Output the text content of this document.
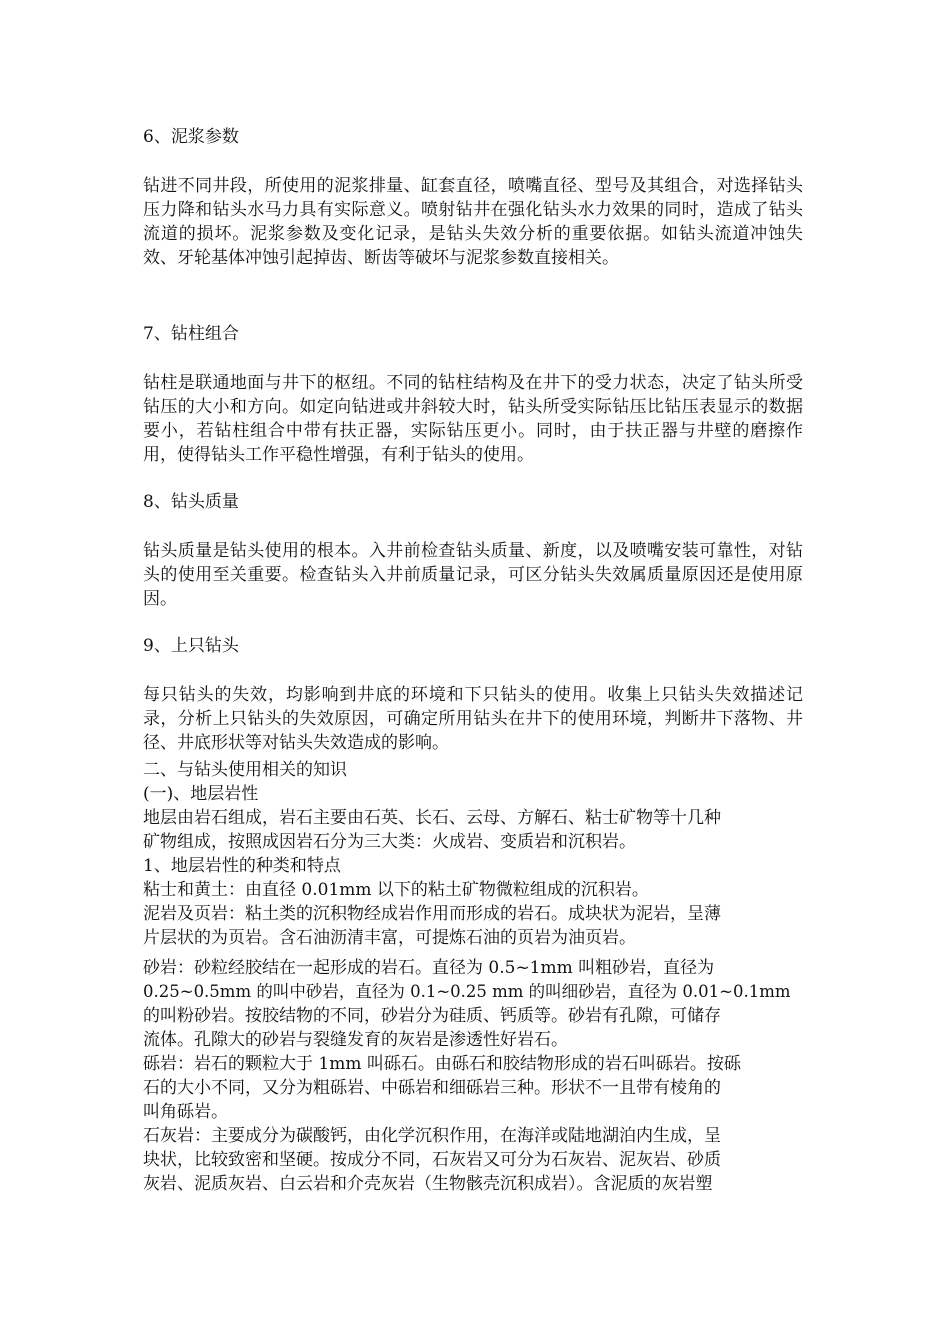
6、泥浆参数
钻进不同井段，所使用的泥浆排量、缸套直径，喷嘴直径、型号及其组合，对选择钻头压力降和钻头水马力具有实际意义。喷射钻井在强化钻头水力效果的同时，造成了钻头流道的损坏。泥浆参数及变化记录，是钻头失效分析的重要依据。如钻头流道冲蚀失效、牙轮基体冲蚀引起掉齿、断齿等破坏与泥浆参数直接相关。
7、钻柱组合
钻柱是联通地面与井下的枢纽。不同的钻柱结构及在井下的受力状态，决定了钻头所受钻压的大小和方向。如定向钻进或井斜较大时，钻头所受实际钻压比钻压表显示的数据要小，若钻柱组合中带有扶正器，实际钻压更小。同时，由于扶正器与井壁的磨擦作用，使得钻头工作平稳性增强，有利于钻头的使用。
8、钻头质量
钻头质量是钻头使用的根本。入井前检查钻头质量、新度，以及喷嘴安装可靠性，对钻头的使用至关重要。检查钻头入井前质量记录，可区分钻头失效属质量原因还是使用原因。
9、上只钻头
每只钻头的失效，均影响到井底的环境和下只钻头的使用。收集上只钻头失效描述记录，分析上只钻头的失效原因，可确定所用钻头在井下的使用环境，判断井下落物、井径、井底形状等对钻头失效造成的影响。
二、与钻头使用相关的知识
(一)、地层岩性
地层由岩石组成，岩石主要由石英、长石、云母、方解石、粘士矿物等十几种
矿物组成，按照成因岩石分为三大类：火成岩、变质岩和沉积岩。
1、地层岩性的种类和特点
粘士和黄土：由直径 0.01mm 以下的粘土矿物微粒组成的沉积岩。
泥岩及页岩：粘土类的沉积物经成岩作用而形成的岩石。成块状为泥岩，呈薄
片层状的为页岩。含石油沥清丰富，可提炼石油的页岩为油页岩。
砂岩：砂粒经胶结在一起形成的岩石。直径为 0.5~1mm 叫粗砂岩，直径为
0.25~0.5mm 的叫中砂岩，直径为 0.1~0.25 mm 的叫细砂岩，直径为 0.01~0.1mm
的叫粉砂岩。按胶结物的不同，砂岩分为硅质、钙质等。砂岩有孔隙，可储存
流体。孔隙大的砂岩与裂缝发育的灰岩是渗透性好岩石。
砾岩：岩石的颗粒大于 1mm 叫砾石。由砾石和胶结物形成的岩石叫砾岩。按砾
石的大小不同，又分为粗砾岩、中砾岩和细砾岩三种。形状不一且带有棱角的
叫角砾岩。
石灰岩：主要成分为碳酸钙，由化学沉积作用，在海洋或陆地湖泊内生成，呈
块状，比较致密和坚硬。按成分不同，石灰岩又可分为石灰岩、泥灰岩、砂质
灰岩、泥质灰岩、白云岩和介壳灰岩（生物骸壳沉积成岩）。含泥质的灰岩塑
